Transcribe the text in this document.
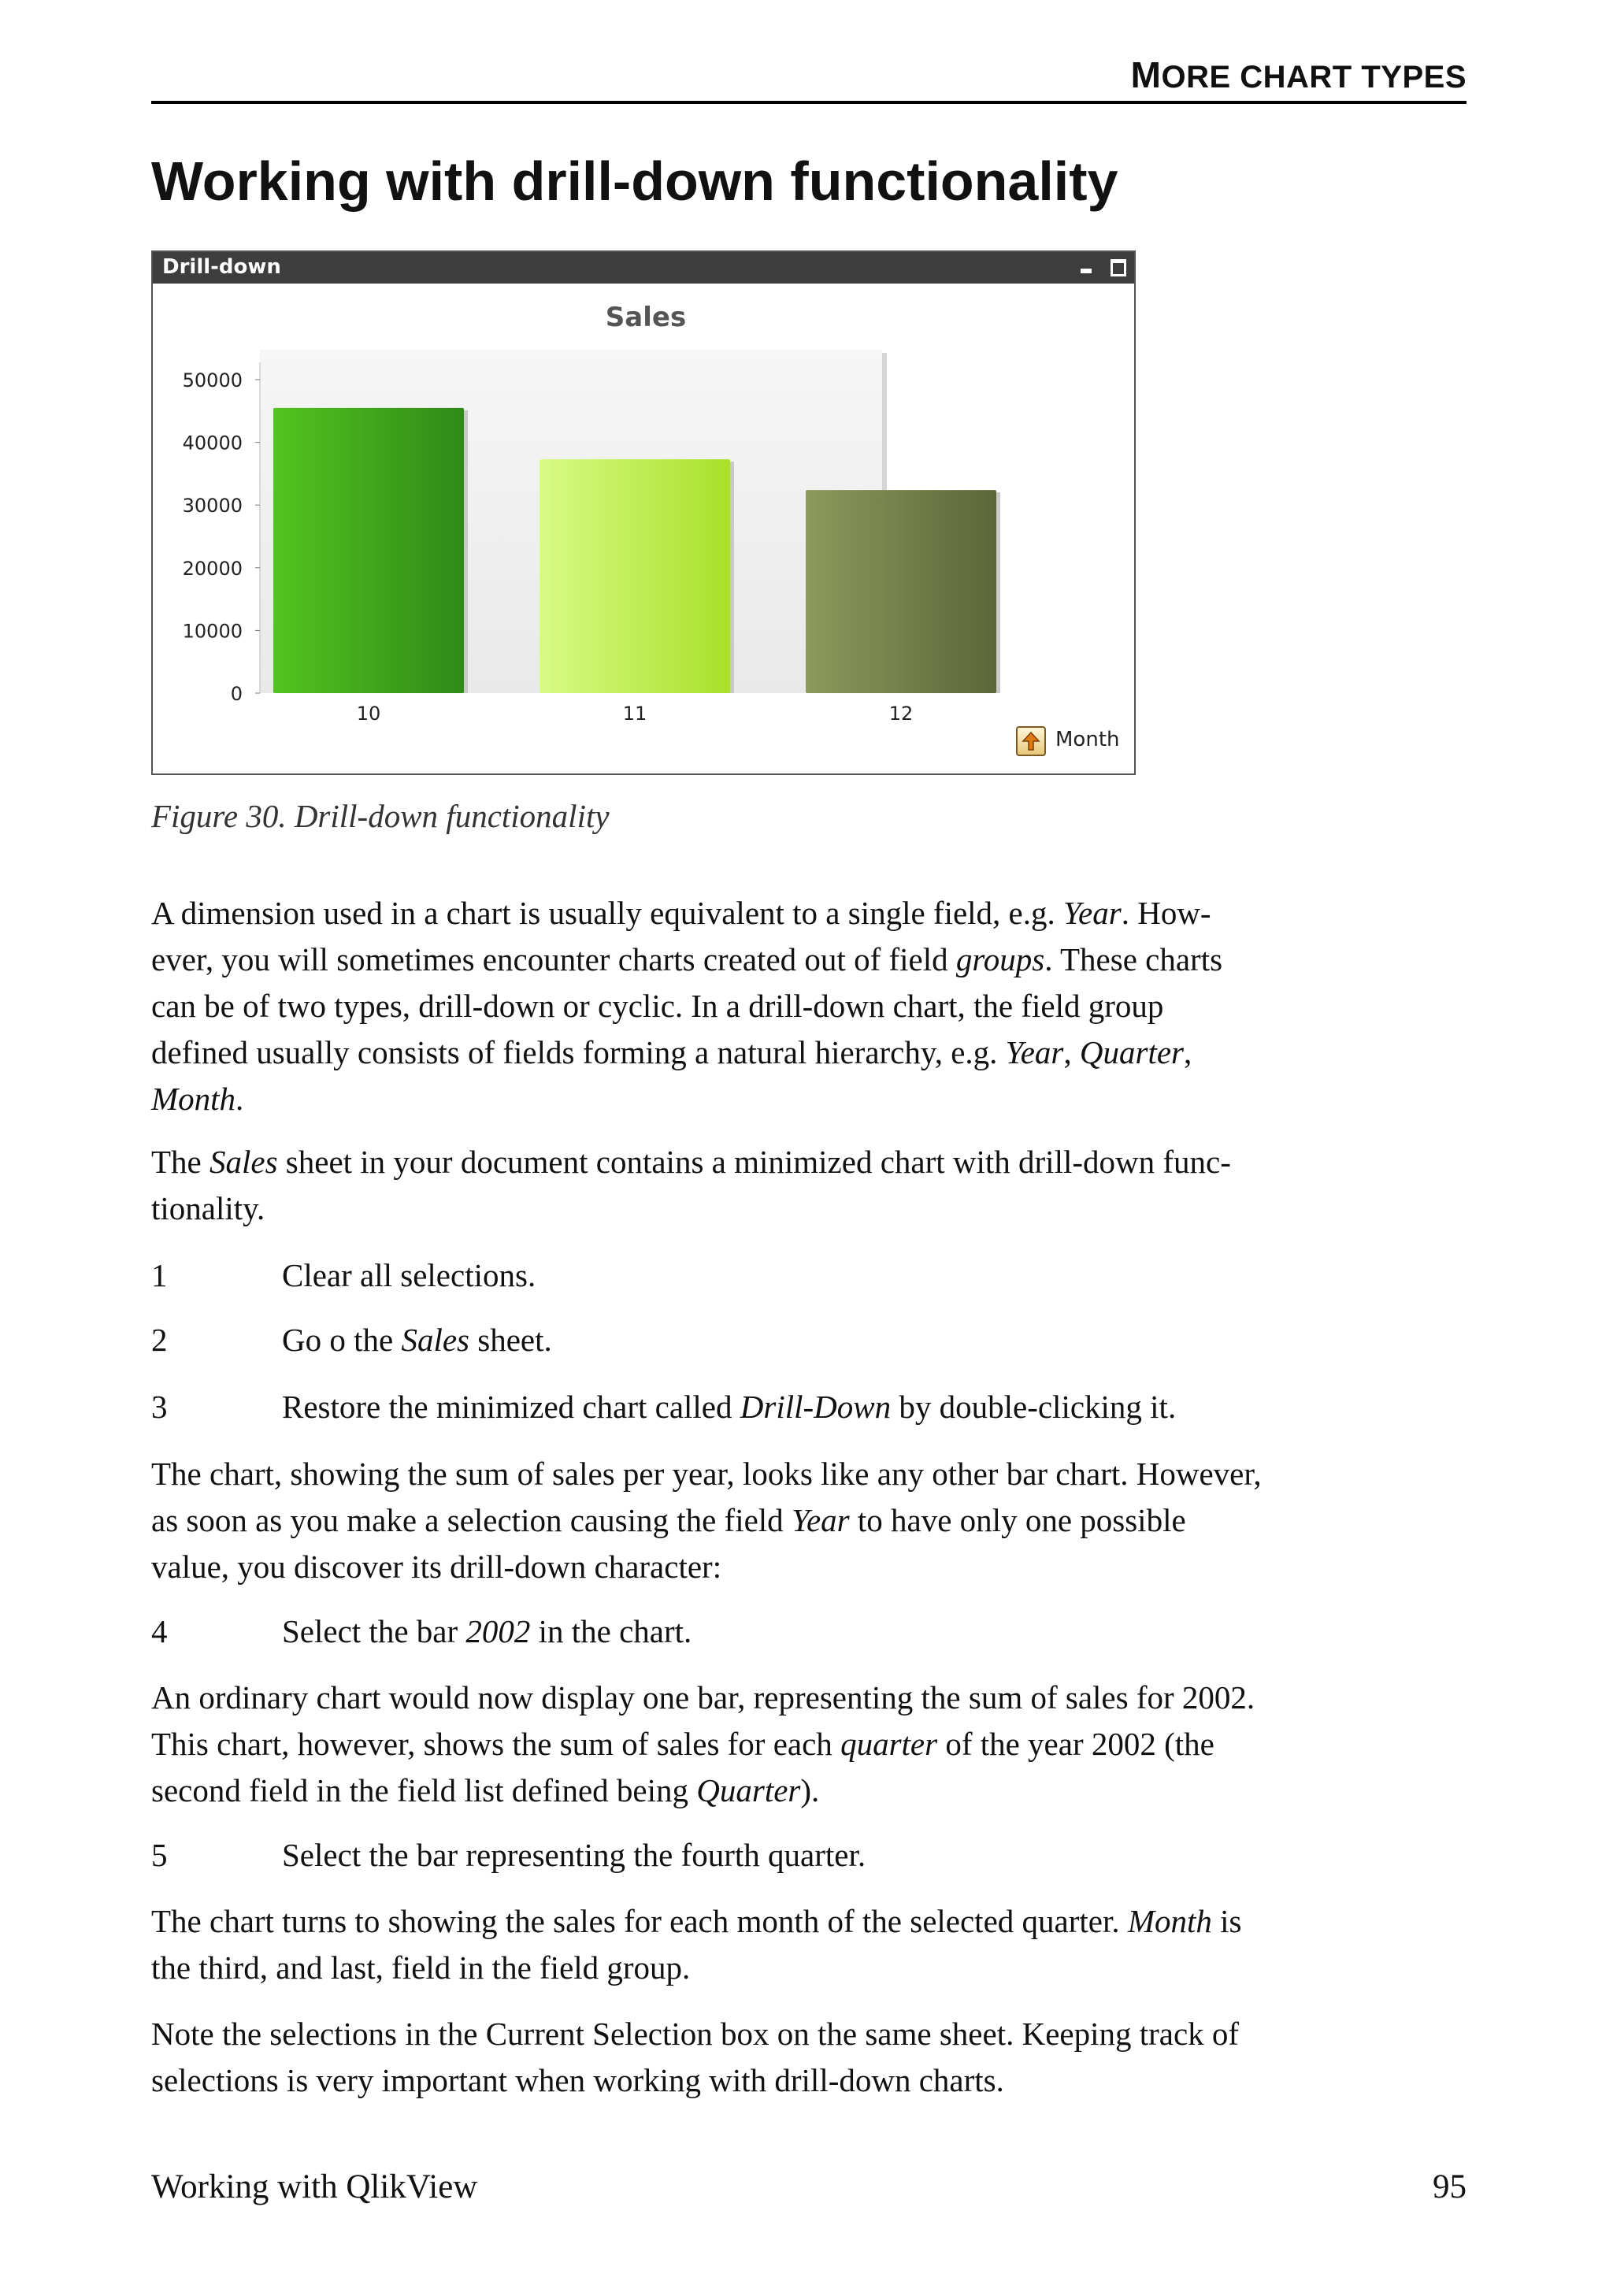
MORE CHART TYPES
Working with drill-down functionality
Drill-down
Sales
0
10000
20000
30000
40000
50000
10	11	12
Month
Figure 30. Drill-down functionality
A dimension used in a chart is usually equivalent to a single field, e.g. Year. How-
ever, you will sometimes encounter charts created out of field groups. These charts
can be of two types, drill-down or cyclic. In a drill-down chart, the field group
defined usually consists of fields forming a natural hierarchy, e.g. Year, Quarter,
Month.
The Sales sheet in your document contains a minimized chart with drill-down func-
tionality.
1	Clear all selections.
2	Go o the Sales sheet.
3	Restore the minimized chart called Drill-Down by double-clicking it.
The chart, showing the sum of sales per year, looks like any other bar chart. However,
as soon as you make a selection causing the field Year to have only one possible
value, you discover its drill-down character:
4	Select the bar 2002 in the chart.
An ordinary chart would now display one bar, representing the sum of sales for 2002.
This chart, however, shows the sum of sales for each quarter of the year 2002 (the
second field in the field list defined being Quarter).
5	Select the bar representing the fourth quarter.
The chart turns to showing the sales for each month of the selected quarter. Month is
the third, and last, field in the field group.
Note the selections in the Current Selection box on the same sheet. Keeping track of
selections is very important when working with drill-down charts.
Working with QlikView	95
